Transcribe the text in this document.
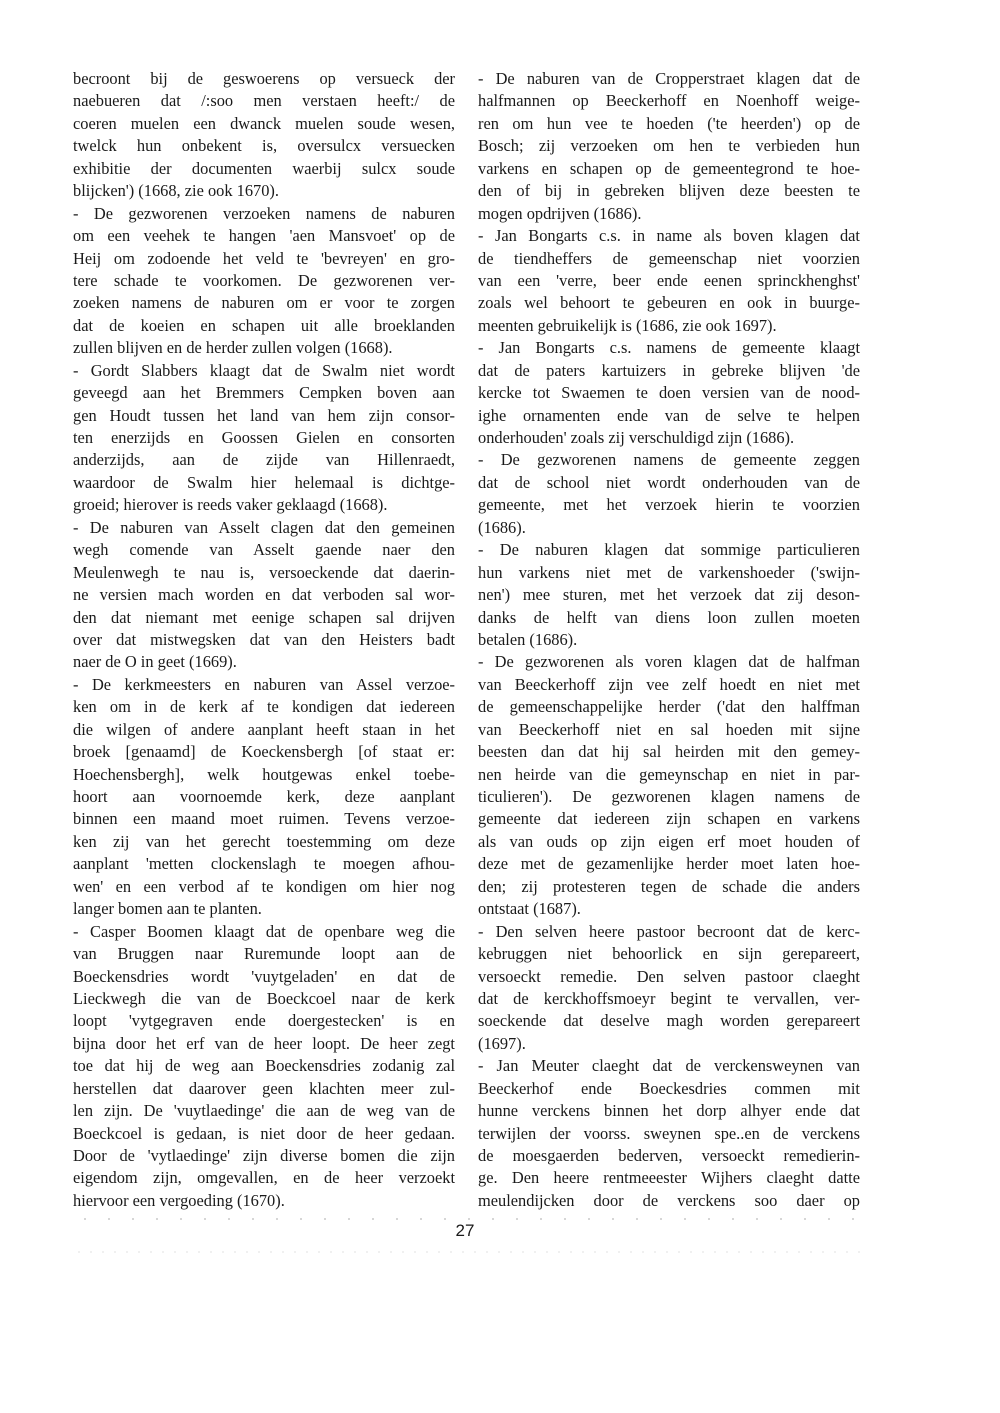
becroont bij de geswoerens op versueck der
naebueren dat /:soo men verstaen heeft:/ de
coeren muelen een dwanck muelen soude wesen,
twelck hun onbekent is, oversulcx versuecken
exhibitie der documenten waerbij sulcx soude
blijcken') (1668, zie ook 1670).
- De gezworenen verzoeken namens de naburen
om een veehek te hangen 'aen Mansvoet' op de
Heij om zodoende het veld te 'bevreyen' en gro-
tere schade te voorkomen. De gezworenen ver-
zoeken namens de naburen om er voor te zorgen
dat de koeien en schapen uit alle broeklanden
zullen blijven en de herder zullen volgen (1668).
- Gordt Slabbers klaagt dat de Swalm niet wordt
geveegd aan het Bremmers Cempken boven aan
gen Houdt tussen het land van hem zijn consor-
ten enerzijds en Goossen Gielen en consorten
anderzijds, aan de zijde van Hillenraedt,
waardoor de Swalm hier helemaal is dichtge-
groeid; hierover is reeds vaker geklaagd (1668).
- De naburen van Asselt clagen dat den gemeinen
wegh comende van Asselt gaende naer den
Meulenwegh te nau is, versoeckende dat daerin-
ne versien mach worden en dat verboden sal wor-
den dat niemant met eenige schapen sal drijven
over dat mistwegsken dat van den Heisters badt
naer de O in geet (1669).
- De kerkmeesters en naburen van Assel verzoe-
ken om in de kerk af te kondigen dat iedereen
die wilgen of andere aanplant heeft staan in het
broek [genaamd] de Koeckensbergh [of staat er:
Hoechensbergh], welk houtgewas enkel toebe-
hoort aan voornoemde kerk, deze aanplant
binnen een maand moet ruimen. Tevens verzoe-
ken zij van het gerecht toestemming om deze
aanplant 'metten clockenslagh te moegen afhou-
wen' en een verbod af te kondigen om hier nog
langer bomen aan te planten.
- Casper Boomen klaagt dat de openbare weg die
van Bruggen naar Ruremunde loopt aan de
Boeckensdries wordt 'vuytgeladen' en dat de
Lieckwegh die van de Boeckcoel naar de kerk
loopt 'vytgegraven ende doergestecken' is en
bijna door het erf van de heer loopt. De heer zegt
toe dat hij de weg aan Boeckensdries zodanig zal
herstellen dat daarover geen klachten meer zul-
len zijn. De 'vuytlaedinge' die aan de weg van de
Boeckcoel is gedaan, is niet door de heer gedaan.
Door de 'vytlaedinge' zijn diverse bomen die zijn
eigendom zijn, omgevallen, en de heer verzoekt
hiervoor een vergoeding (1670).
- De naburen van de Cropperstraet klagen dat de
halfmannen op Beeckerhoff en Noenhoff weige-
ren om hun vee te hoeden ('te heerden') op de
Bosch; zij verzoeken om hen te verbieden hun
varkens en schapen op de gemeentegrond te hoe-
den of bij in gebreken blijven deze beesten te
mogen opdrijven (1686).
- Jan Bongarts c.s. in name als boven klagen dat
de tiendheffers de gemeenschap niet voorzien
van een 'verre, beer ende eenen sprinckhenghst'
zoals wel behoort te gebeuren en ook in buurge-
meenten gebruikelijk is (1686, zie ook 1697).
- Jan Bongarts c.s. namens de gemeente klaagt
dat de paters kartuizers in gebreke blijven 'de
kercke tot Swaemen te doen versien van de nood-
ighe ornamenten ende van de selve te helpen
onderhouden' zoals zij verschuldigd zijn (1686).
- De gezworenen namens de gemeente zeggen
dat de school niet wordt onderhouden van de
gemeente, met het verzoek hierin te voorzien
(1686).
- De naburen klagen dat sommige particulieren
hun varkens niet met de varkenshoeder ('swijn-
nen') mee sturen, met het verzoek dat zij deson-
danks de helft van diens loon zullen moeten
betalen (1686).
- De gezworenen als voren klagen dat de halfman
van Beeckerhoff zijn vee zelf hoedt en niet met
de gemeenschappelijke herder ('dat den halffman
van Beeckerhoff niet en sal hoeden mit sijne
beesten dan dat hij sal heirden mit den gemey-
nen heirde van die gemeynschap en niet in par-
ticulieren'). De gezworenen klagen namens de
gemeente dat iedereen zijn schapen en varkens
als van ouds op zijn eigen erf moet houden of
deze met de gezamenlijke herder moet laten hoe-
den; zij protesteren tegen de schade die anders
ontstaat (1687).
- Den selven heere pastoor becroont dat de kerc-
kebruggen niet behoorlick en sijn gerepareert,
versoeckt remedie. Den selven pastoor claeght
dat de kerckhoffsmoeyr begint te vervallen, ver-
soeckende dat deselve magh worden gerepareert
(1697).
- Jan Meuter claeght dat de verckensweynen van
Beeckerhof ende Boeckesdries commen mit
hunne verckens binnen het dorp alhyer ende dat
terwijlen der voorss. sweynen spe..en de verckens
de moesgaerden bederven, versoeckt remedierin-
ge. Den heere rentmeeester Wijhers claeght datte
meulendijcken door de verckens soo daer op
27
